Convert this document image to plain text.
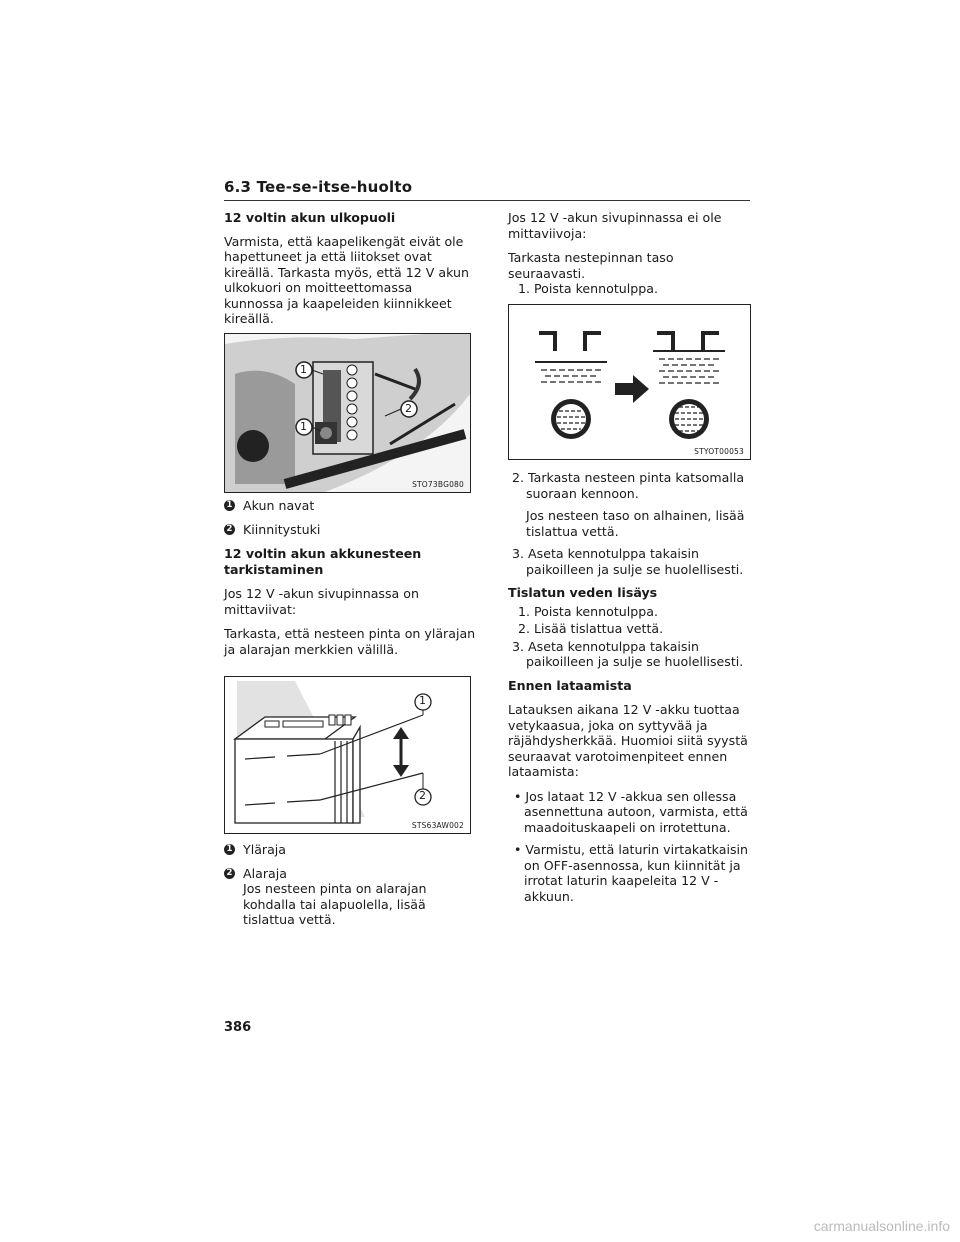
6.3 Tee-se-itse-huolto

12 voltin akun ulkopuoli

Varmista, että kaapelikengät eivät ole hapettuneet ja että liitokset ovat kireällä. Tarkasta myös, että 12 V akun ulkokuori on moitteettomassa kunnossa ja kaapeleiden kiinnikkeet kireällä.

1
1
2
STO73BG080
1 Akun navat
2 Kiinnitystuki

12 voltin akun akkunesteen tarkistaminen

Jos 12 V -akun sivupinnassa on mittaviivat:

Tarkasta, että nesteen pinta on ylärajan ja alarajan merkkien välillä.

1
2
STS63AW002
1 Yläraja
2 Alaraja

Jos nesteen pinta on alarajan kohdalla tai alapuolella, lisää tislattua vettä.

Jos 12 V -akun sivupinnassa ei ole mittaviivoja:

Tarkasta nestepinnan taso seuraavasti.

1. Poista kennotulppa.

STYOT00053

2. Tarkasta nesteen pinta katsomalla suoraan kennoon.

Jos nesteen taso on alhainen, lisää tislattua vettä.

3. Aseta kennotulppa takaisin paikoilleen ja sulje se huolellisesti.

Tislatun veden lisäys

1. Poista kennotulppa.

2. Lisää tislattua vettä.

3. Aseta kennotulppa takaisin paikoilleen ja sulje se huolellisesti.

Ennen lataamista

Latauksen aikana 12 V -akku tuottaa vetykaasua, joka on syttyvää ja räjähdysherkkää. Huomioi siitä syystä seuraavat varotoimenpiteet ennen lataamista:

• Jos lataat 12 V -akkua sen ollessa asennettuna autoon, varmista, että maadoituskaapeli on irrotettuna.

• Varmistu, että laturin virtakatkaisin on OFF-asennossa, kun kiinnität ja irrotat laturin kaapeleita 12 V -akkuun.

386
carmanualsonline.info
